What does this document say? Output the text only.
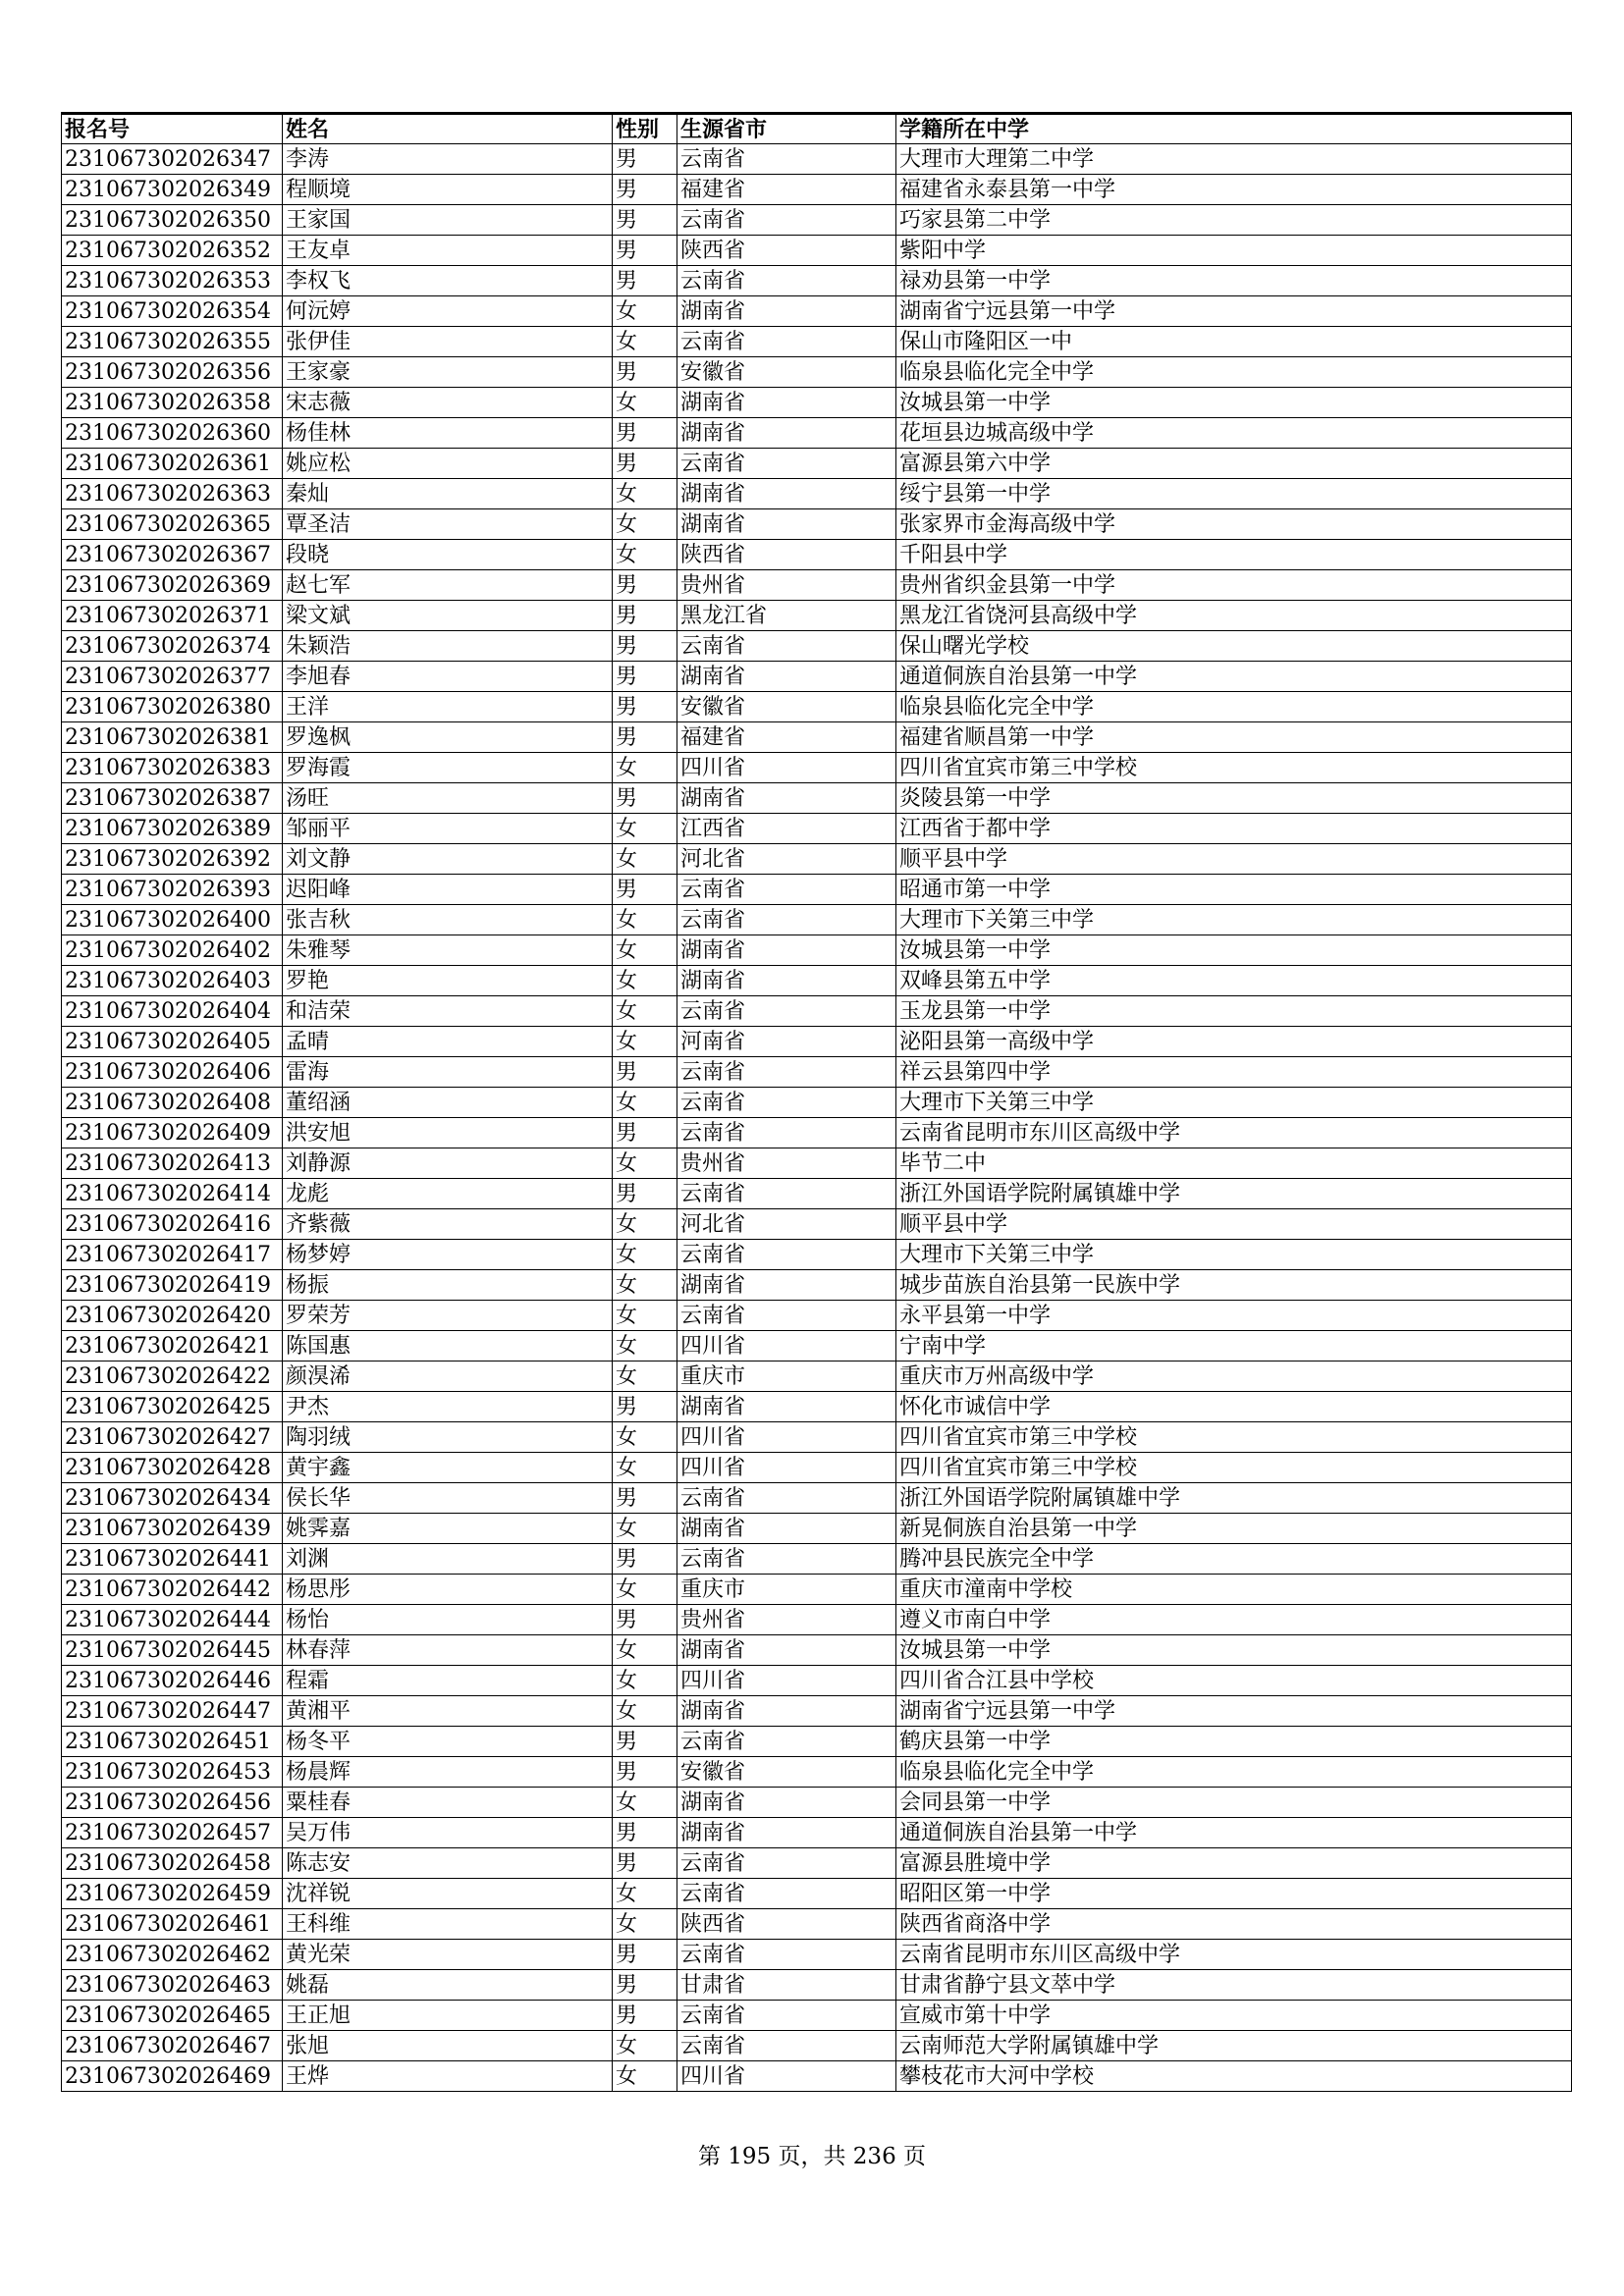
报名号	姓名	性别	生源省市	学籍所在中学
231067302026347	李涛	男	云南省	大理市大理第二中学
231067302026349	程顺境	男	福建省	福建省永泰县第一中学
231067302026350	王家国	男	云南省	巧家县第二中学
231067302026352	王友卓	男	陕西省	紫阳中学
231067302026353	李权飞	男	云南省	禄劝县第一中学
231067302026354	何沅婷	女	湖南省	湖南省宁远县第一中学
231067302026355	张伊佳	女	云南省	保山市隆阳区一中
231067302026356	王家豪	男	安徽省	临泉县临化完全中学
231067302026358	宋志薇	女	湖南省	汝城县第一中学
231067302026360	杨佳林	男	湖南省	花垣县边城高级中学
231067302026361	姚应松	男	云南省	富源县第六中学
231067302026363	秦灿	女	湖南省	绥宁县第一中学
231067302026365	覃圣洁	女	湖南省	张家界市金海高级中学
231067302026367	段晓	女	陕西省	千阳县中学
231067302026369	赵七军	男	贵州省	贵州省织金县第一中学
231067302026371	梁文斌	男	黑龙江省	黑龙江省饶河县高级中学
231067302026374	朱颖浩	男	云南省	保山曙光学校
231067302026377	李旭春	男	湖南省	通道侗族自治县第一中学
231067302026380	王洋	男	安徽省	临泉县临化完全中学
231067302026381	罗逸枫	男	福建省	福建省顺昌第一中学
231067302026383	罗海霞	女	四川省	四川省宜宾市第三中学校
231067302026387	汤旺	男	湖南省	炎陵县第一中学
231067302026389	邹丽平	女	江西省	江西省于都中学
231067302026392	刘文静	女	河北省	顺平县中学
231067302026393	迟阳峰	男	云南省	昭通市第一中学
231067302026400	张吉秋	女	云南省	大理市下关第三中学
231067302026402	朱雅琴	女	湖南省	汝城县第一中学
231067302026403	罗艳	女	湖南省	双峰县第五中学
231067302026404	和洁荣	女	云南省	玉龙县第一中学
231067302026405	孟晴	女	河南省	泌阳县第一高级中学
231067302026406	雷海	男	云南省	祥云县第四中学
231067302026408	董绍涵	女	云南省	大理市下关第三中学
231067302026409	洪安旭	男	云南省	云南省昆明市东川区高级中学
231067302026413	刘静源	女	贵州省	毕节二中
231067302026414	龙彪	男	云南省	浙江外国语学院附属镇雄中学
231067302026416	齐紫薇	女	河北省	顺平县中学
231067302026417	杨梦婷	女	云南省	大理市下关第三中学
231067302026419	杨振	女	湖南省	城步苗族自治县第一民族中学
231067302026420	罗荣芳	女	云南省	永平县第一中学
231067302026421	陈国惠	女	四川省	宁南中学
231067302026422	颜湨浠	女	重庆市	重庆市万州高级中学
231067302026425	尹杰	男	湖南省	怀化市诚信中学
231067302026427	陶羽绒	女	四川省	四川省宜宾市第三中学校
231067302026428	黄宇鑫	女	四川省	四川省宜宾市第三中学校
231067302026434	侯长华	男	云南省	浙江外国语学院附属镇雄中学
231067302026439	姚霁嘉	女	湖南省	新晃侗族自治县第一中学
231067302026441	刘渊	男	云南省	腾冲县民族完全中学
231067302026442	杨思彤	女	重庆市	重庆市潼南中学校
231067302026444	杨怡	男	贵州省	遵义市南白中学
231067302026445	林春萍	女	湖南省	汝城县第一中学
231067302026446	程霜	女	四川省	四川省合江县中学校
231067302026447	黄湘平	女	湖南省	湖南省宁远县第一中学
231067302026451	杨冬平	男	云南省	鹤庆县第一中学
231067302026453	杨晨辉	男	安徽省	临泉县临化完全中学
231067302026456	粟桂春	女	湖南省	会同县第一中学
231067302026457	吴万伟	男	湖南省	通道侗族自治县第一中学
231067302026458	陈志安	男	云南省	富源县胜境中学
231067302026459	沈祥锐	女	云南省	昭阳区第一中学
231067302026461	王科维	女	陕西省	陕西省商洛中学
231067302026462	黄光荣	男	云南省	云南省昆明市东川区高级中学
231067302026463	姚磊	男	甘肃省	甘肃省静宁县文萃中学
231067302026465	王正旭	男	云南省	宣威市第十中学
231067302026467	张旭	女	云南省	云南师范大学附属镇雄中学
231067302026469	王烨	女	四川省	攀枝花市大河中学校
第 195 页，共 236 页
